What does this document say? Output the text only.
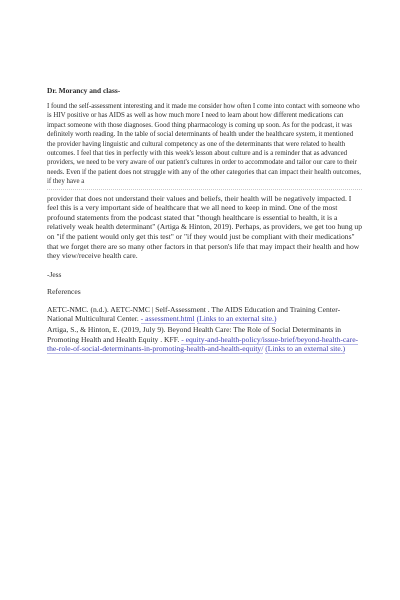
Dr. Morancy and class-

I found the self-assessment interesting and it made me consider how often I come into contact with someone who is HIV positive or has AIDS as well as how much more I need to learn about how different medications can impact someone with those diagnoses. Good thing pharmacology is coming up soon. As for the podcast, it was definitely worth reading. In the table of social determinants of health under the healthcare system, it mentioned the provider having linguistic and cultural competency as one of the determinants that were related to health outcomes. I feel that ties in perfectly with this week's lesson about culture and is a reminder that as advanced providers, we need to be very aware of our patient's cultures in order to accommodate and tailor our care to their needs. Even if the patient does not struggle with any of the other categories that can impact their health outcomes, if they have a

provider that does not understand their values and beliefs, their health will be negatively impacted. I feel this is a very important side of healthcare that we all need to keep in mind. One of the most profound statements from the podcast stated that "though healthcare is essential to health, it is a relatively weak health determinant" (Artiga & Hinton, 2019). Perhaps, as providers, we get too hung up on "if the patient would only get this test" or "if they would just be compliant with their medications" that we forget there are so many other factors in that person's life that may impact their health and how they view/receive health care.

-Jess

References

AETC-NMC. (n.d.). AETC-NMC | Self-Assessment . The AIDS Education and Training Center-National Multicultural Center. - assessment.html (Links to an external site.)

Artiga, S., & Hinton, E. (2019, July 9). Beyond Health Care: The Role of Social Determinants in Promoting Health and Health Equity . KFF. - equity-and-health-policy/issue-brief/beyond-health-care-the-role-of-social-determinants-in-promoting-health-and-health-equity/ (Links to an external site.)
